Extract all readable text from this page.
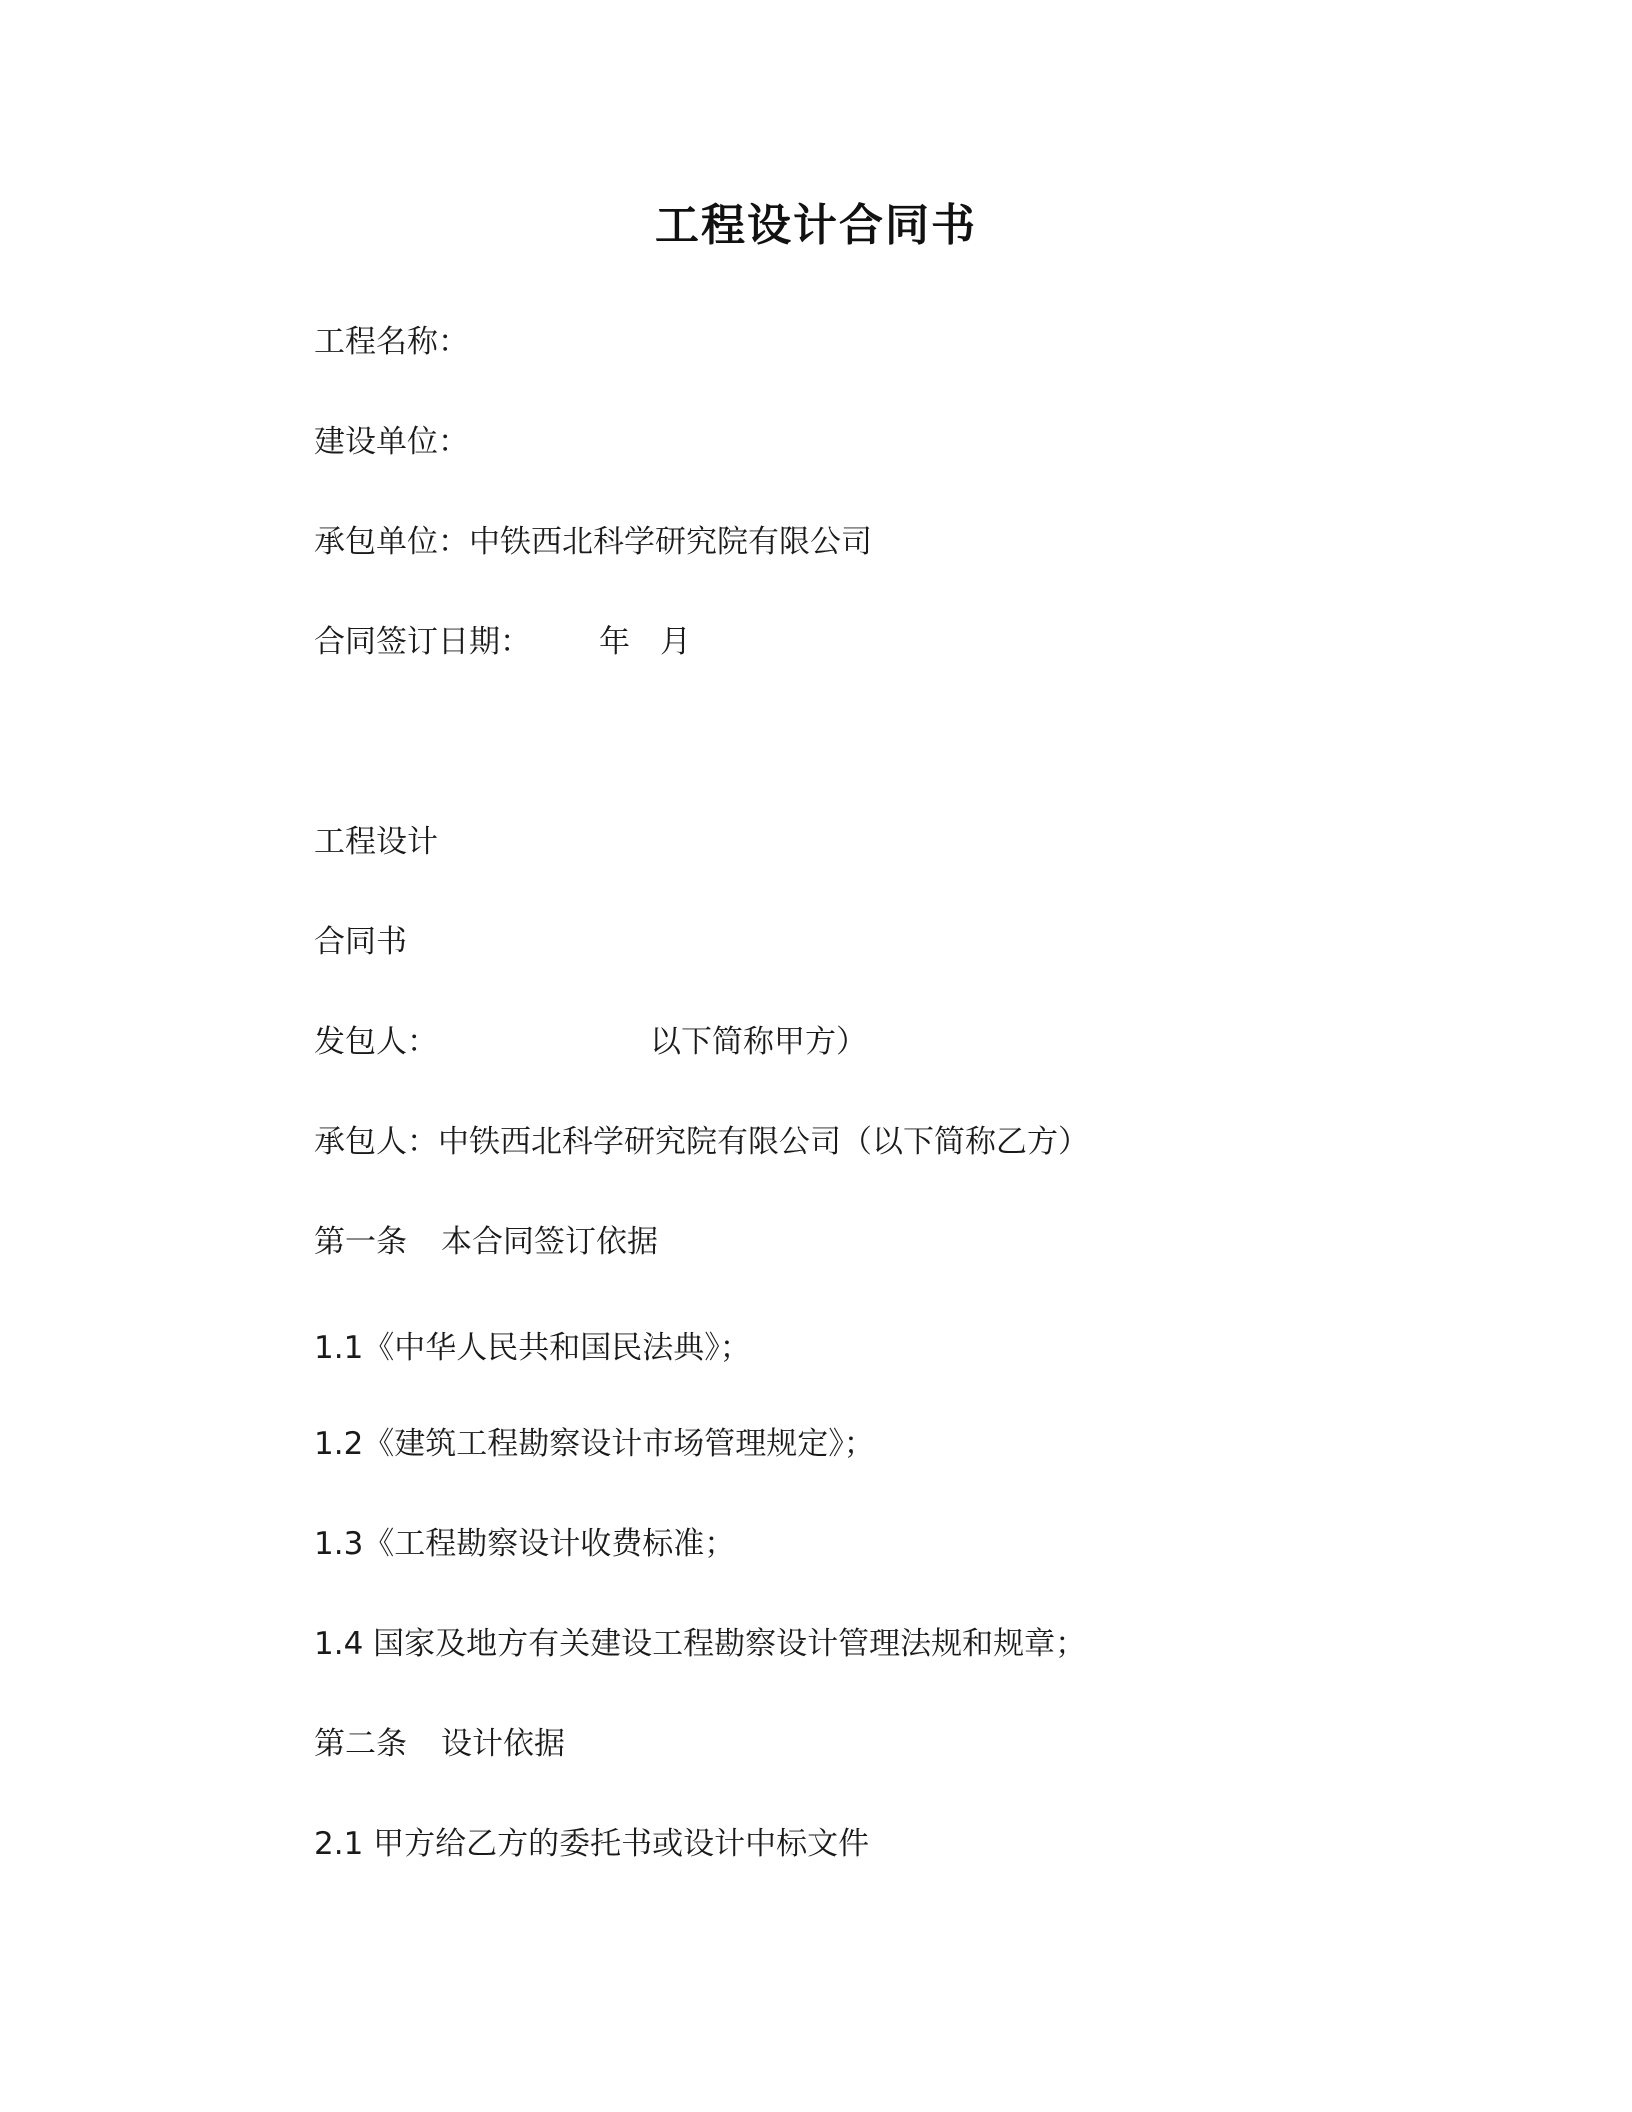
工程设计合同书
工程名称：
建设单位：
承包单位：中铁西北科学研究院有限公司
合同签订日期： 年 月
工程设计
合同书
发包人：	以下简称甲方）
承包人：中铁西北科学研究院有限公司（以下简称乙方）
第一条 本合同签订依据
1.1《中华人民共和国民法典》；
1.2《建筑工程勘察设计市场管理规定》；
1.3《工程勘察设计收费标准；
1.4 国家及地方有关建设工程勘察设计管理法规和规章；
第二条 设计依据
2.1 甲方给乙方的委托书或设计中标文件
